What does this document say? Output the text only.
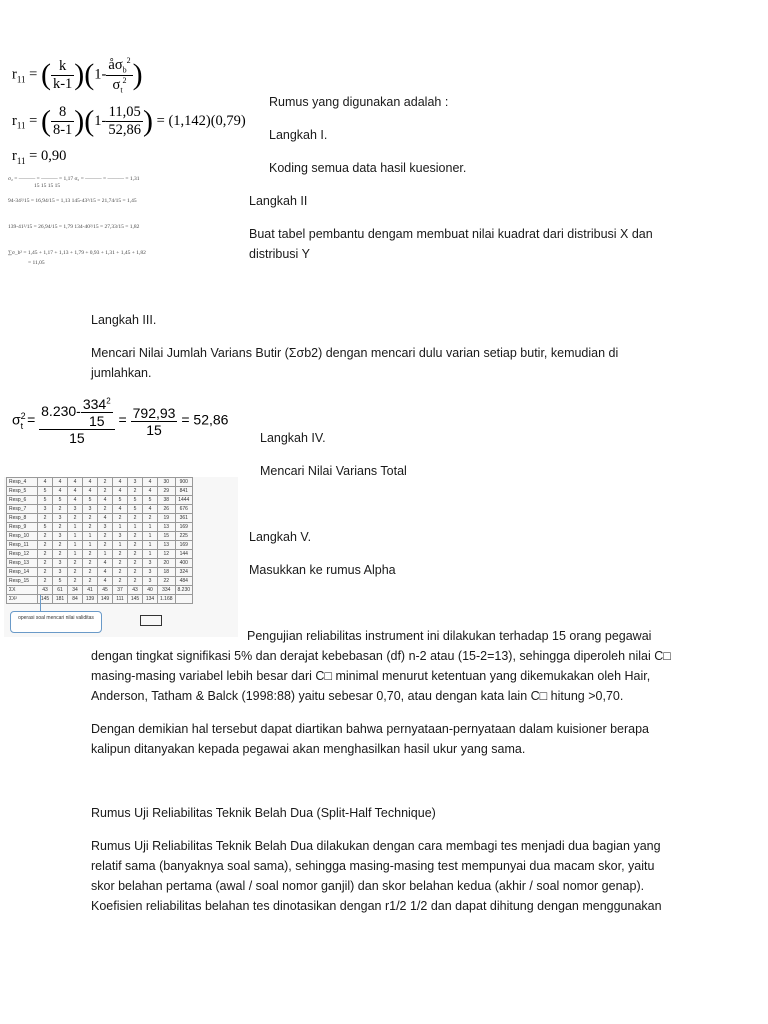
$r_{11}$ = ( $\frac{k}{k-1} )(1- \frac{å\sigma_b^2}{\sigma_t^2}$ )
$r_{11}$ = ( $\frac{8}{8-1} )(1- \frac{11,05}{52,86}$ ) = (1,142)(0,79)
$r_{11} = 0,90$
σ₂ = ——— = ——— = 1,17 σ₅ = ——— = ——— = 1,31
15 15 15 15
94-34²/15 = 16,94/15 = 1,13 145-43²/15 = 21,74/15 = 1,45
139-41²/15 = 26,94/15 = 1,79 134-40²/15 = 27,33/15 = 1,82
∑σ_b² = 1,45 + 1,17 + 1,13 + 1,79 + 0,93 + 1,31 + 1,45 + 1,82
= 11,05

Rumus yang digunakan adalah :

Langkah I.

Koding semua data hasil kuesioner.

Langkah II

Buat tabel pembantu dengam membuat nilai kuadrat dari distribusi X dan

distribusi Y

Langkah III.

Mencari Nilai Jumlah Varians Butir (Σσb2) dengan mencari dulu varian setiap butir, kemudian di

jumlahkan.

$\sigma^2_t = \frac{8.230- \frac{334^2}{15}}{15} = \frac{792,93}{15} = 52,86$

Langkah IV.

Mencari Nilai Varians Total

Resp_4	4	4	4	4	2	4	3	4	30	900
Resp_5	5	4	4	4	2	4	2	4	29	841
Resp_6	5	5	4	5	4	5	5	5	38	1444
Resp_7	3	2	3	3	2	4	5	4	26	676
Resp_8	2	3	2	2	4	2	2	2	19	361
Resp_9	5	2	1	2	3	1	1	1	13	169
Resp_10	2	3	1	1	2	3	2	1	15	225
Resp_11	2	2	1	1	2	1	2	1	13	169
Resp_12	2	2	1	2	1	2	2	1	12	144
Resp_13	2	3	2	2	4	2	2	3	20	400
Resp_14	2	3	2	2	4	2	2	3	18	324
Resp_15	2	5	2	2	4	2	2	3	22	484
ΣX	43	61	34	41	45	37	43	40	334	8.230
ΣX²	145	181	84	139	149	111	145	134	1.168	
operasi soal mencari nilai validitas

Langkah V.

Masukkan ke rumus Alpha

Pengujian reliabilitas instrument ini dilakukan terhadap 15 orang pegawai

dengan tingkat signifikasi 5% dan derajat kebebasan (df) n-2 atau (15-2=13), sehingga diperoleh nilai C□

masing-masing variabel lebih besar dari C□ minimal menurut ketentuan yang dikemukakan oleh Hair,

Anderson, Tatham & Balck (1998:88) yaitu sebesar 0,70, atau dengan kata lain C□ hitung >0,70.

Dengan demikian hal tersebut dapat diartikan bahwa pernyataan-pernyataan dalam kuisioner berapa

kalipun ditanyakan kepada pegawai akan menghasilkan hasil ukur yang sama.

Rumus Uji Reliabilitas Teknik Belah Dua (Split-Half Technique)

Rumus Uji Reliabilitas Teknik Belah Dua dilakukan dengan cara membagi tes menjadi dua bagian yang

relatif sama (banyaknya soal sama), sehingga masing-masing test mempunyai dua macam skor, yaitu

skor belahan pertama (awal / soal nomor ganjil) dan skor belahan kedua (akhir / soal nomor genap).

Koefisien reliabilitas belahan tes dinotasikan dengan r1/2 1/2 dan dapat dihitung dengan menggunakan
